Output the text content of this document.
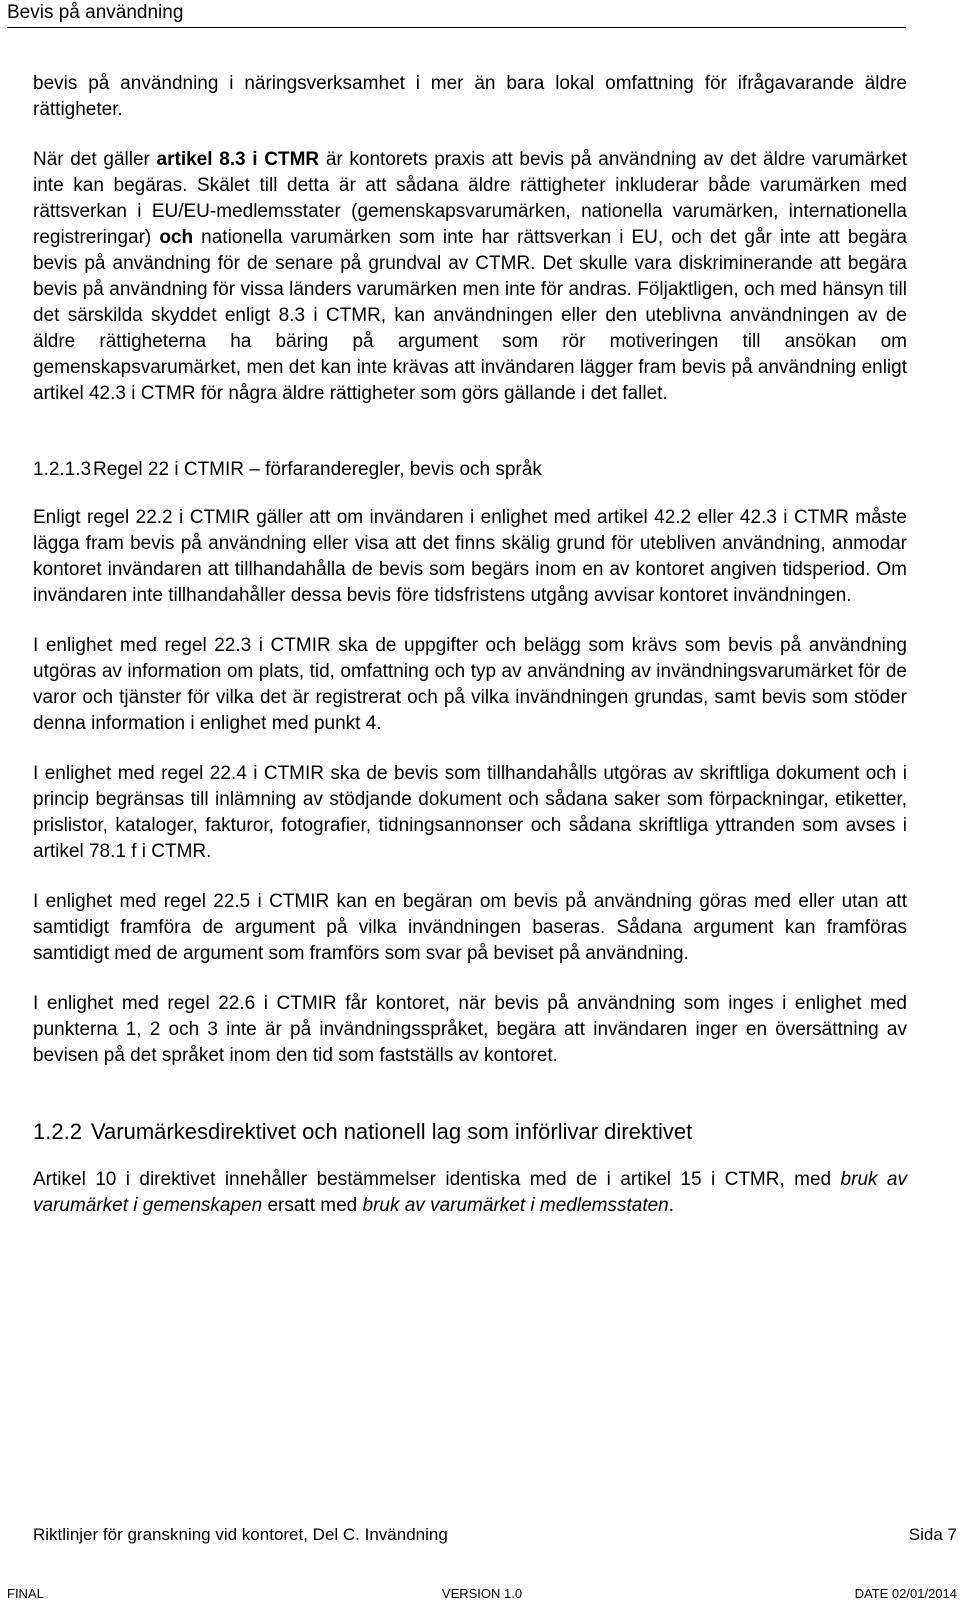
Bevis på användning

bevis på användning i näringsverksamhet i mer än bara lokal omfattning för ifrågavarande äldre rättigheter.

När det gäller artikel 8.3 i CTMR är kontorets praxis att bevis på användning av det äldre varumärket inte kan begäras. Skälet till detta är att sådana äldre rättigheter inkluderar både varumärken med rättsverkan i EU/EU-medlemsstater (gemenskapsvarumärken, nationella varumärken, internationella registreringar) och nationella varumärken som inte har rättsverkan i EU, och det går inte att begära bevis på användning för de senare på grundval av CTMR. Det skulle vara diskriminerande att begära bevis på användning för vissa länders varumärken men inte för andras. Följaktligen, och med hänsyn till det särskilda skyddet enligt 8.3 i CTMR, kan användningen eller den uteblivna användningen av de äldre rättigheterna ha bäring på argument som rör motiveringen till ansökan om gemenskapsvarumärket, men det kan inte krävas att invändaren lägger fram bevis på användning enligt artikel 42.3 i CTMR för några äldre rättigheter som görs gällande i det fallet.

1.2.1.3Regel 22 i CTMIR – förfaranderegler, bevis och språk

Enligt regel 22.2 i CTMIR gäller att om invändaren i enlighet med artikel 42.2 eller 42.3 i CTMR måste lägga fram bevis på användning eller visa att det finns skälig grund för utebliven användning, anmodar kontoret invändaren att tillhandahålla de bevis som begärs inom en av kontoret angiven tidsperiod. Om invändaren inte tillhandahåller dessa bevis före tidsfristens utgång avvisar kontoret invändningen.

I enlighet med regel 22.3 i CTMIR ska de uppgifter och belägg som krävs som bevis på användning utgöras av information om plats, tid, omfattning och typ av användning av invändningsvarumärket för de varor och tjänster för vilka det är registrerat och på vilka invändningen grundas, samt bevis som stöder denna information i enlighet med punkt 4.

I enlighet med regel 22.4 i CTMIR ska de bevis som tillhandahålls utgöras av skriftliga dokument och i princip begränsas till inlämning av stödjande dokument och sådana saker som förpackningar, etiketter, prislistor, kataloger, fakturor, fotografier, tidningsannonser och sådana skriftliga yttranden som avses i artikel 78.1 f i CTMR.

I enlighet med regel 22.5 i CTMIR kan en begäran om bevis på användning göras med eller utan att samtidigt framföra de argument på vilka invändningen baseras. Sådana argument kan framföras samtidigt med de argument som framförs som svar på beviset på användning.

I enlighet med regel 22.6 i CTMIR får kontoret, när bevis på användning som inges i enlighet med punkterna 1, 2 och 3 inte är på invändningsspråket, begära att invändaren inger en översättning av bevisen på det språket inom den tid som fastställs av kontoret.

1.2.2 Varumärkesdirektivet och nationell lag som införlivar direktivet

Artikel 10 i direktivet innehåller bestämmelser identiska med de i artikel 15 i CTMR, med bruk av varumärket i gemenskapen ersatt med bruk av varumärket i medlemsstaten.

Riktlinjer för granskning vid kontoret, Del C. Invändning	Sida 7
FINAL	VERSION 1.0	DATE 02/01/2014
